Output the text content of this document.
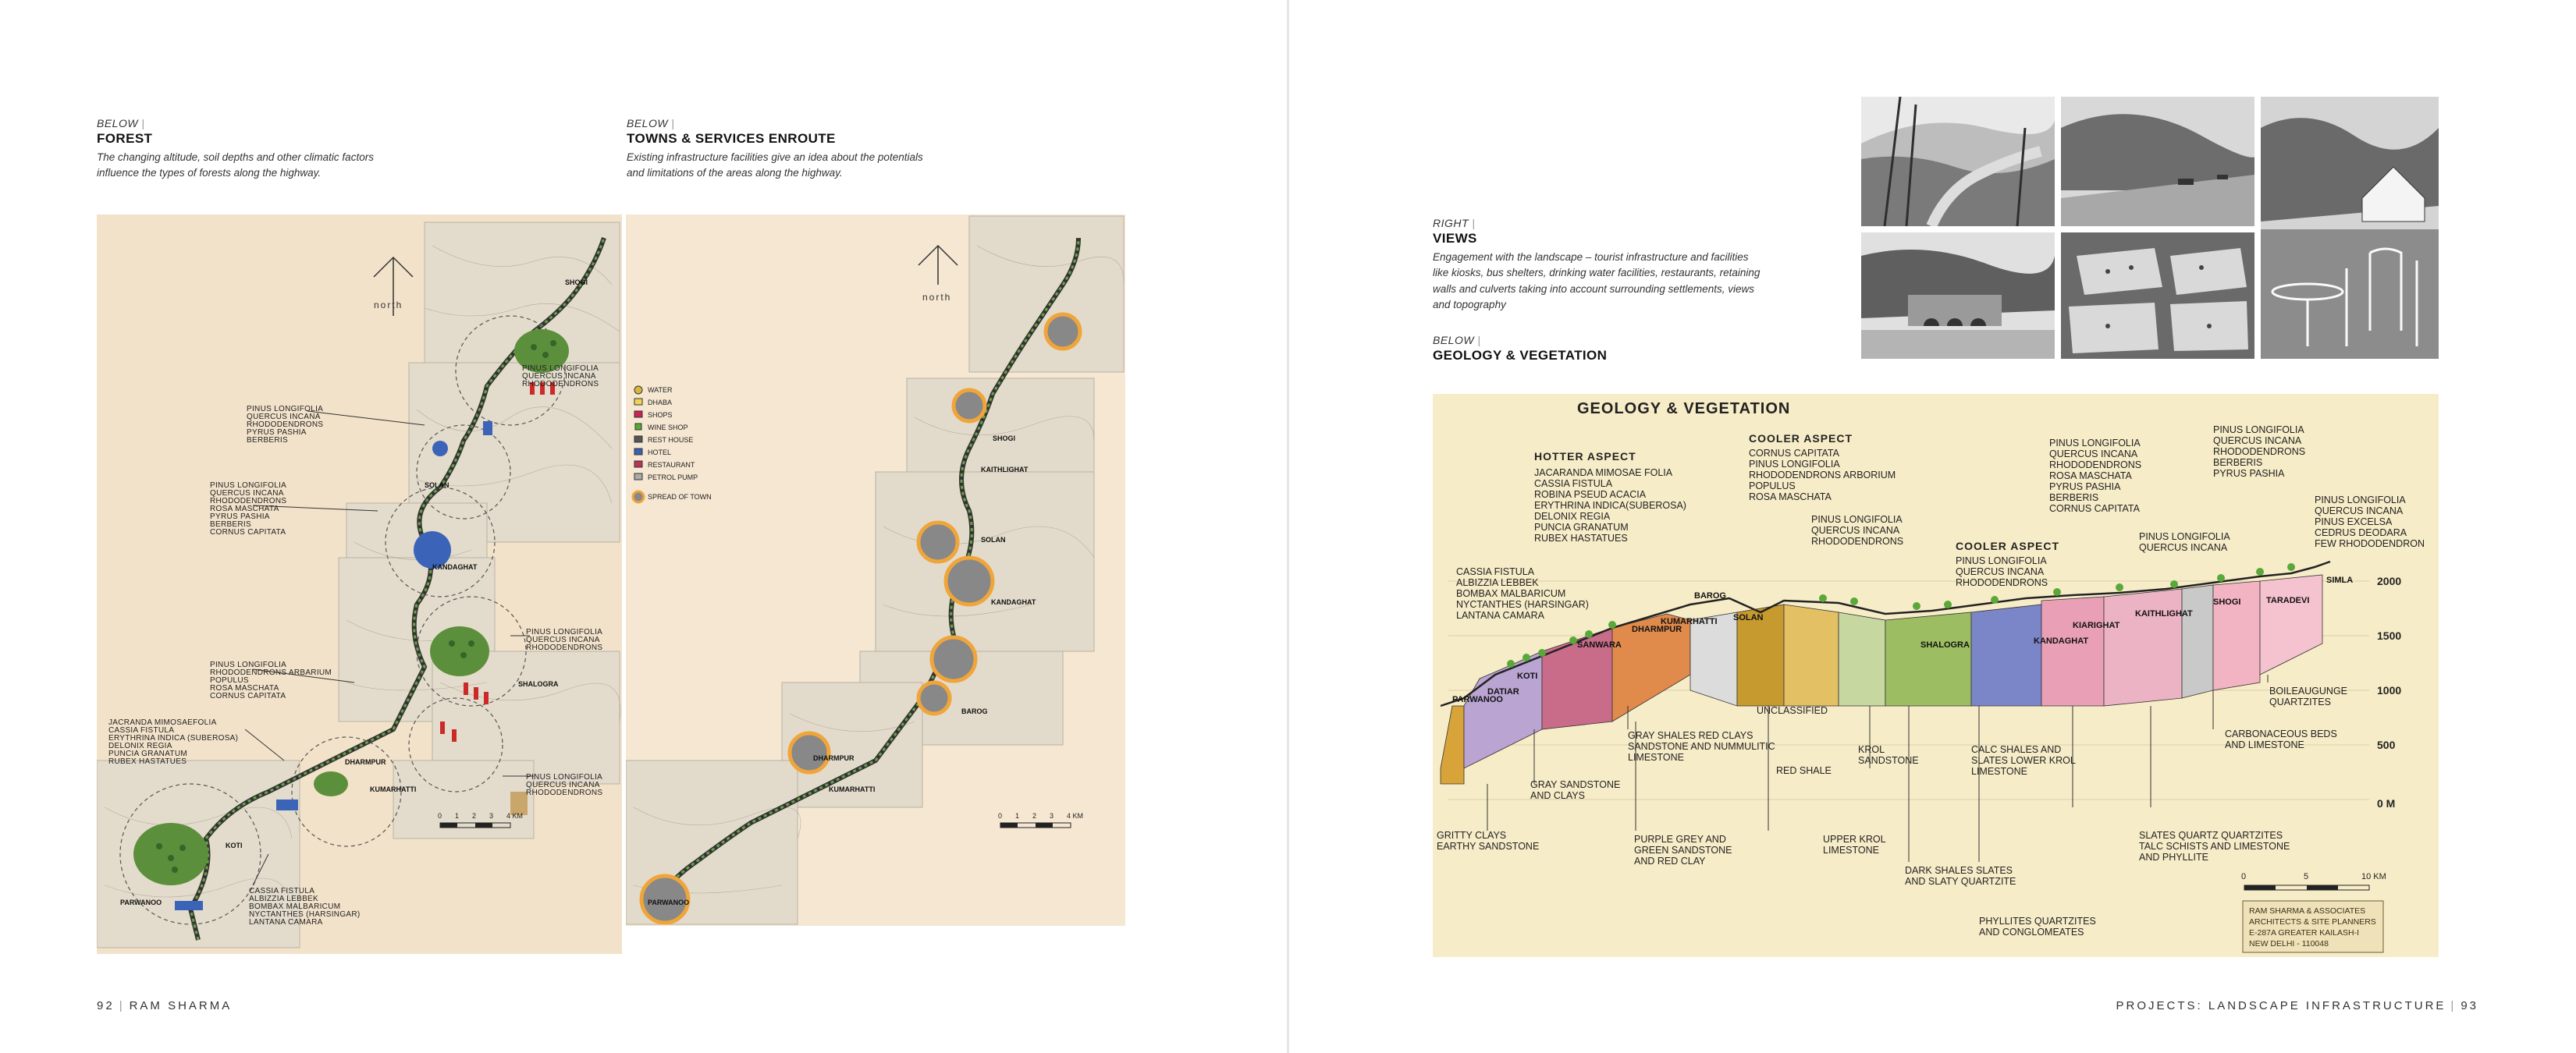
BELOW |
FOREST
The changing altitude, soil depths and other climatic factors
influence the types of forests along the highway.
BELOW |
TOWNS & SERVICES ENROUTE
Existing infrastructure facilities give an idea about the potentials
and limitations of the areas along the highway.
north
PINUS LONGIFOLIA
QUERCUS INCANA
RHODODENDRONS
PINUS LONGIFOLIA
QUERCUS INCANA
RHODODENDRONS
PYRUS PASHIA
BERBERIS
PINUS LONGIFOLIA
QUERCUS INCANA
RHODODENDRONS
ROSA MASCHATA
PYRUS PASHIA
BERBERIS
CORNUS CAPITATA
PINUS LONGIFOLIA
QUERCUS INCANA
RHODODENDRONS
PINUS LONGIFOLIA
RHODODENDRONS ARBARIUM
POPULUS
ROSA MASCHATA
CORNUS CAPITATA
JACRANDA MIMOSAEFOLIA
CASSIA FISTULA
ERYTHRINA INDICA (SUBEROSA)
DELONIX REGIA
PUNCIA GRANATUM
RUBEX HASTATUES
PINUS LONGIFOLIA
QUERCUS INCANA
RHODODENDRONS
CASSIA FISTULA
ALBIZZIA LEBBEK
BOMBAX MALBARICUM
NYCTANTHES (HARSINGAR)
LANTANA CAMARA
SHOGI
SOLAN
KANDAGHAT
DHARMPUR
KUMARHATTI
KOTI
PARWANOO
SHALOGRA
0 1 2 3 4 KM
north
WATER
DHABA
SHOPS
WINE SHOP
REST HOUSE
HOTEL
RESTAURANT
PETROL PUMP
SPREAD OF TOWN
SHOGI
KAITHLIGHAT
SOLAN
KANDAGHAT
DHARMPUR
KUMARHATTI
BAROG
PARWANOO
0 1 2 3 4 KM
92 | RAM SHARMA
RIGHT |
VIEWS
Engagement with the landscape – tourist infrastructure and facilities
like kiosks, bus shelters, drinking water facilities, restaurants, retaining
walls and culverts taking into account surrounding settlements, views
and topography
BELOW |
GEOLOGY & VEGETATION
GEOLOGY & VEGETATION
2000
1500
1000
500
0 M
PARWANOO
KOTI
DATIAR
SANWARA
DHARMPUR
KUMARHATTI
BAROG
SOLAN
SHALOGRA	KANDAGHAT
KIARIGHAT
KAITHLIGHAT
SHOGI	TARADEVI
SIMLA
HOTTER ASPECT
COOLER ASPECT
COOLER ASPECT
JACARANDA MIMOSAE FOLIA
CASSIA FISTULA
ROBINA PSEUD ACACIA
ERYTHRINA INDICA(SUBEROSA)
DELONIX REGIA
PUNCIA GRANATUM
RUBEX HASTATUES
CORNUS CAPITATA
PINUS LONGIFOLIA
RHODODENDRONS ARBORIUM
POPULUS
ROSA MASCHATA
PINUS LONGIFOLIA
QUERCUS INCANA
RHODODENDRONS
PINUS LONGIFOLIA
QUERCUS INCANA
RHODODENDRONS
PINUS LONGIFOLIA
QUERCUS INCANA
RHODODENDRONS
ROSA MASCHATA
PYRUS PASHIA
BERBERIS
CORNUS CAPITATA
PINUS LONGIFOLIA
QUERCUS INCANA
PINUS LONGIFOLIA
QUERCUS INCANA
RHODODENDRONS
BERBERIS
PYRUS PASHIA
PINUS LONGIFOLIA
QUERCUS INCANA
PINUS EXCELSA
CEDRUS DEODARA
FEW RHODODENDRON
CASSIA FISTULA
ALBIZZIA LEBBEK
BOMBAX MALBARICUM
NYCTANTHES (HARSINGAR)
LANTANA CAMARA
GRITTY CLAYS
EARTHY SANDSTONE
GRAY SANDSTONE
AND CLAYS
PURPLE GREY AND
GREEN SANDSTONE
AND RED CLAY
GRAY SHALES RED CLAYS
SANDSTONE AND NUMMULITIC
LIMESTONE
UNCLASSIFIED
RED SHALE
KROL
SANDSTONE
UPPER KROL
LIMESTONE
CALC SHALES AND
SLATES LOWER KROL
LIMESTONE
DARK SHALES SLATES
AND SLATY QUARTZITE
PHYLLITES QUARTZITES
AND CONGLOMEATES
SLATES QUARTZ QUARTZITES
TALC SCHISTS AND LIMESTONE
AND PHYLLITE
CARBONACEOUS BEDS
AND LIMESTONE
BOILEAUGUNGE
QUARTZITES
0	5	10 KM
RAM SHARMA & ASSOCIATES
ARCHITECTS & SITE PLANNERS
E-287A GREATER KAILASH-I
NEW DELHI - 110048
PROJECTS: LANDSCAPE INFRASTRUCTURE | 93
